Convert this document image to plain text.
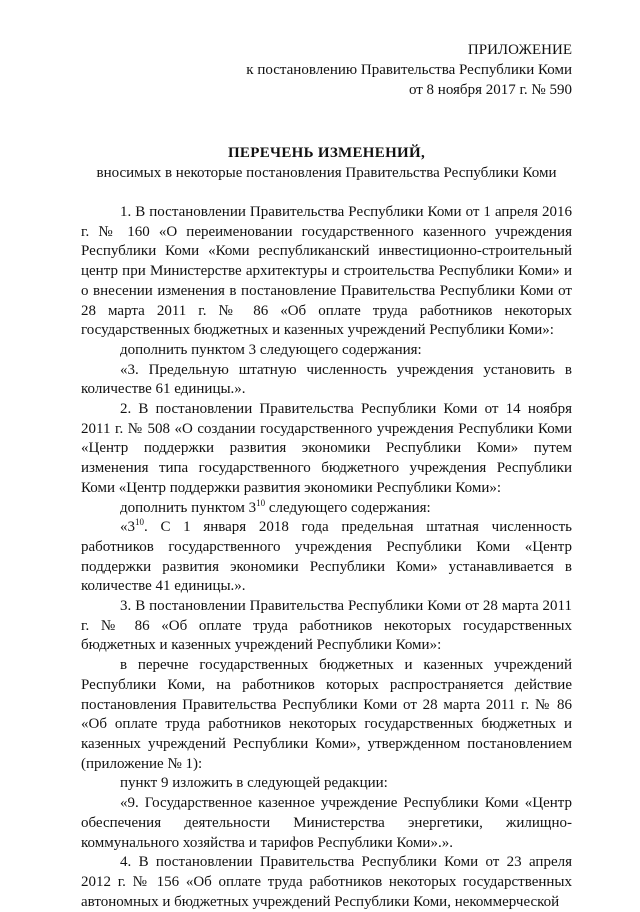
ПРИЛОЖЕНИЕ
к постановлению Правительства Республики Коми
от 8 ноября 2017 г. № 590
ПЕРЕЧЕНЬ ИЗМЕНЕНИЙ,
вносимых в некоторые постановления Правительства Республики Коми

1. В постановлении Правительства Республики Коми от 1 апреля 2016 г. № 160 «О переименовании государственного казенного учреждения Республики Коми «Коми республиканский инвестиционно-строительный центр при Министерстве архитектуры и строительства Республики Коми» и о внесении изменения в постановление Правительства Республики Коми от 28 марта 2011 г. № 86 «Об оплате труда работников некоторых государственных бюджетных и казенных учреждений Республики Коми»:

дополнить пунктом 3 следующего содержания:

«3. Предельную штатную численность учреждения установить в количестве 61 единицы.».

2. В постановлении Правительства Республики Коми от 14 ноября 2011 г. № 508 «О создании государственного учреждения Республики Коми «Центр поддержки развития экономики Республики Коми» путем изменения типа государственного бюджетного учреждения Республики Коми «Центр поддержки развития экономики Республики Коми»:

дополнить пунктом $3^{10}$ следующего содержания:

«$3^{10}$. С 1 января 2018 года предельная штатная численность работников государственного учреждения Республики Коми «Центр поддержки развития экономики Республики Коми» устанавливается в количестве 41 единицы.».

3. В постановлении Правительства Республики Коми от 28 марта 2011 г. № 86 «Об оплате труда работников некоторых государственных бюджетных и казенных учреждений Республики Коми»:

в перечне государственных бюджетных и казенных учреждений Республики Коми, на работников которых распространяется действие постановления Правительства Республики Коми от 28 марта 2011 г. № 86 «Об оплате труда работников некоторых государственных бюджетных и казенных учреждений Республики Коми», утвержденном постановлением (приложение № 1):

пункт 9 изложить в следующей редакции:

«9. Государственное казенное учреждение Республики Коми «Центр обеспечения деятельности Министерства энергетики, жилищно-коммунального хозяйства и тарифов Республики Коми».».

4. В постановлении Правительства Республики Коми от 23 апреля 2012 г. № 156 «Об оплате труда работников некоторых государственных автономных и бюджетных учреждений Республики Коми, некоммерческой
